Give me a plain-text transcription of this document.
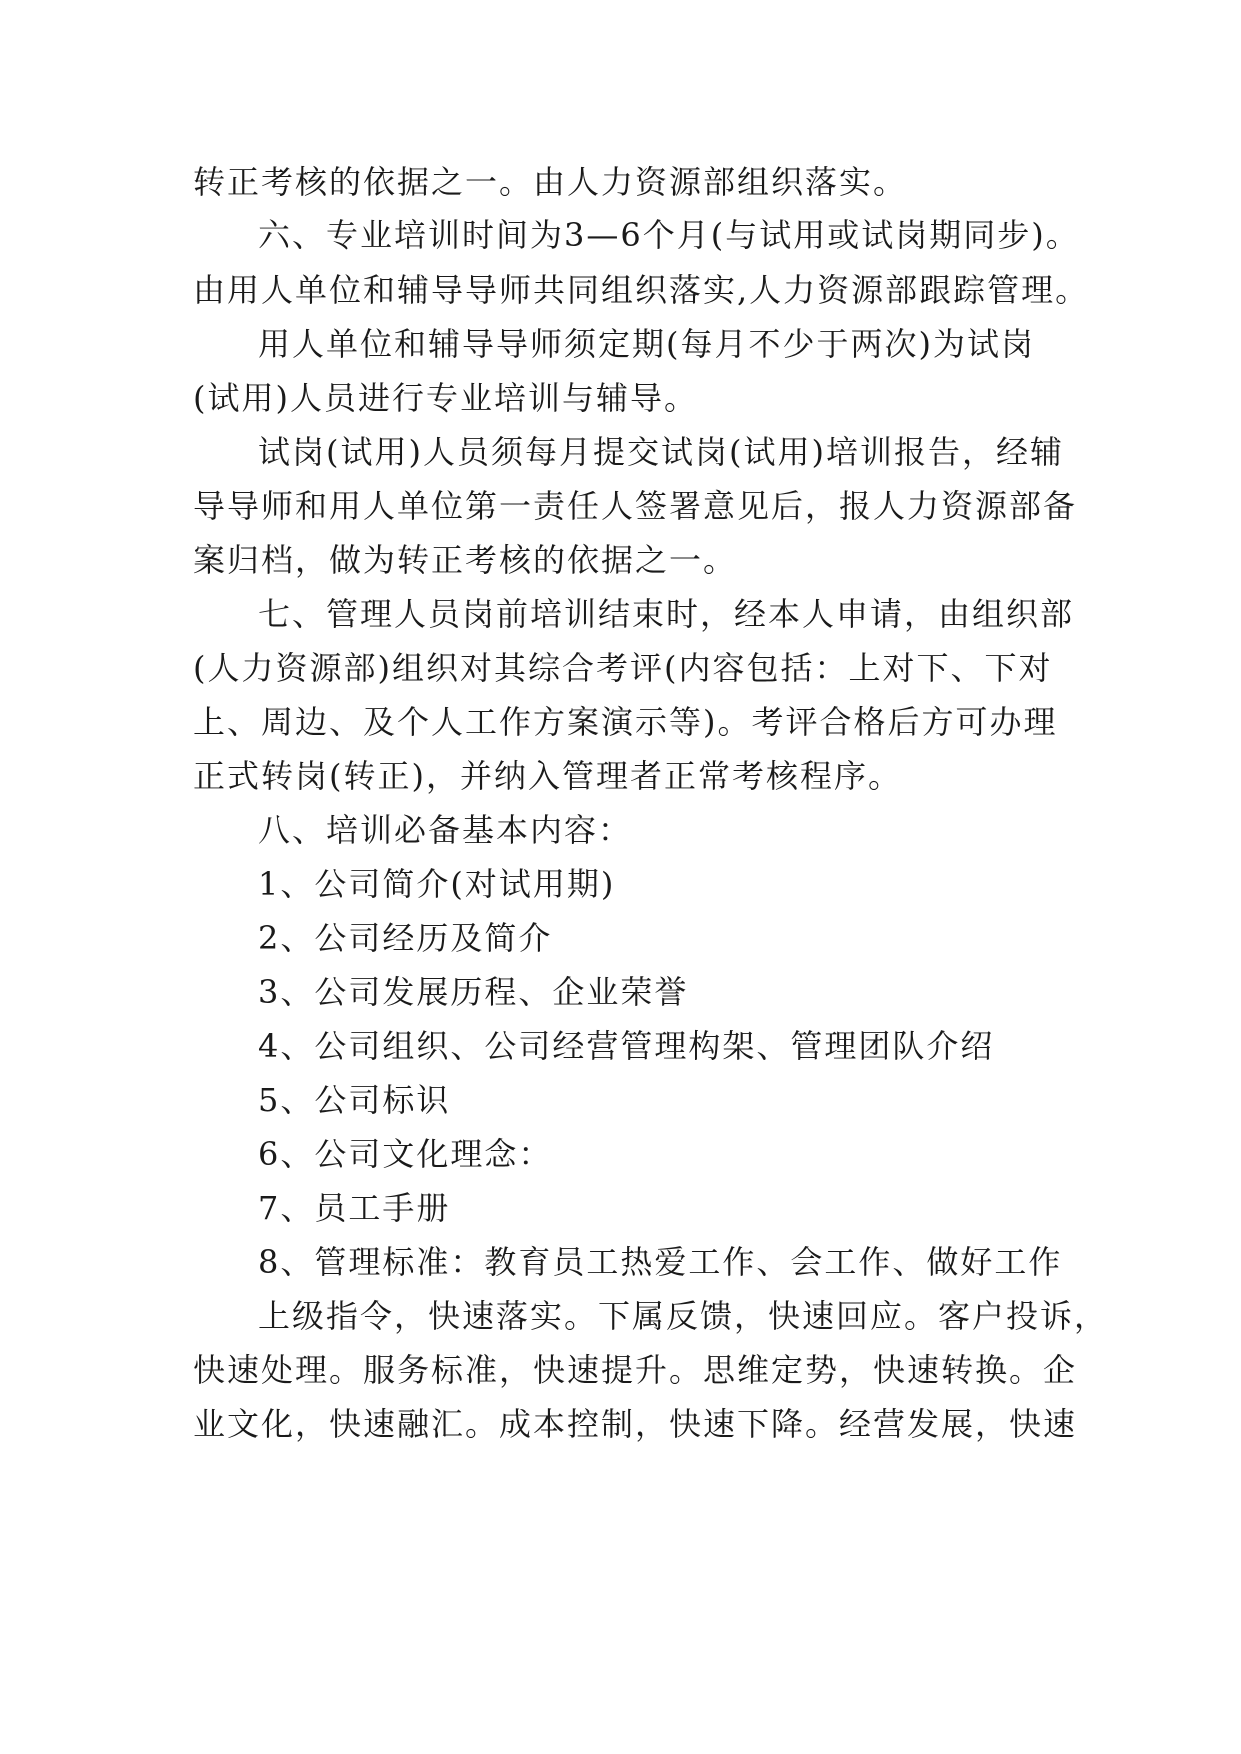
转正考核的依据之一。由人力资源部组织落实。
六、专业培训时间为3—6个月(与试用或试岗期同步)。
由用人单位和辅导导师共同组织落实,人力资源部跟踪管理。
用人单位和辅导导师须定期(每月不少于两次)为试岗
(试用)人员进行专业培训与辅导。
试岗(试用)人员须每月提交试岗(试用)培训报告，经辅
导导师和用人单位第一责任人签署意见后，报人力资源部备
案归档，做为转正考核的依据之一。
七、管理人员岗前培训结束时，经本人申请，由组织部
(人力资源部)组织对其综合考评(内容包括：上对下、下对
上、周边、及个人工作方案演示等)。考评合格后方可办理
正式转岗(转正)，并纳入管理者正常考核程序。
八、培训必备基本内容：
1、公司简介(对试用期)
2、公司经历及简介
3、公司发展历程、企业荣誉
4、公司组织、公司经营管理构架、管理团队介绍
5、公司标识
6、公司文化理念：
7、员工手册
8、管理标准：教育员工热爱工作、会工作、做好工作
上级指令，快速落实。下属反馈，快速回应。客户投诉，
快速处理。服务标准，快速提升。思维定势，快速转换。企
业文化，快速融汇。成本控制，快速下降。经营发展，快速
